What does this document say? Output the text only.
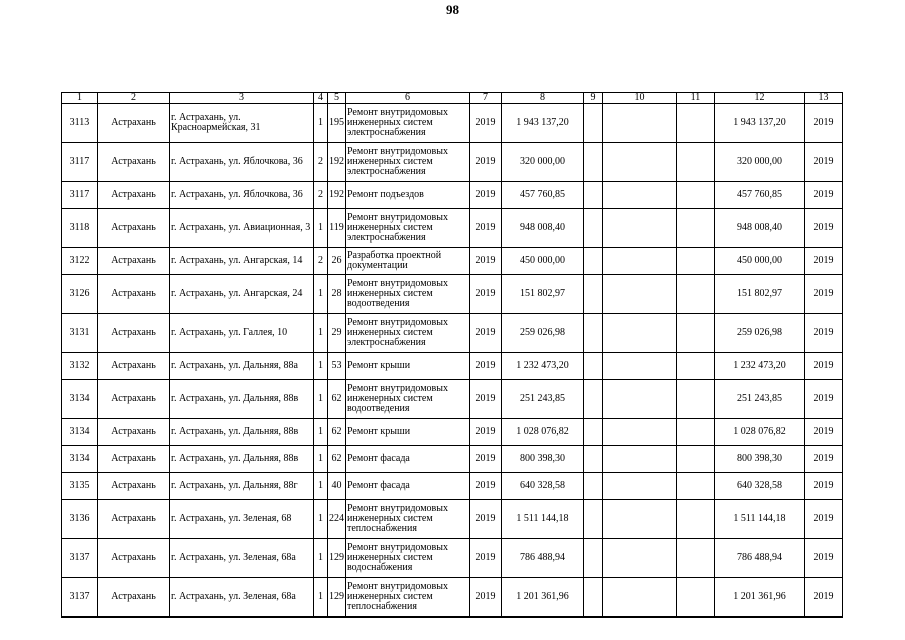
98
1	2	3	4	5	6	7	8	9	10	11	12	13
3113	Астрахань	г. Астрахань, ул. Красноармейская, 31	1	195	Ремонт внутридомовых инженерных систем электроснабжения	2019	1 943 137,20				1 943 137,20	2019
3117	Астрахань	г. Астрахань, ул. Яблочкова, 36	2	192	Ремонт внутридомовых инженерных систем электроснабжения	2019	320 000,00				320 000,00	2019
3117	Астрахань	г. Астрахань, ул. Яблочкова, 36	2	192	Ремонт подъездов	2019	457 760,85				457 760,85	2019
3118	Астрахань	г. Астрахань, ул. Авиационная, 3	1	119	Ремонт внутридомовых инженерных систем электроснабжения	2019	948 008,40				948 008,40	2019
3122	Астрахань	г. Астрахань, ул. Ангарская, 14	2	26	Разработка проектной документации	2019	450 000,00				450 000,00	2019
3126	Астрахань	г. Астрахань, ул. Ангарская, 24	1	28	Ремонт внутридомовых инженерных систем водоотведения	2019	151 802,97				151 802,97	2019
3131	Астрахань	г. Астрахань, ул. Галлея, 10	1	29	Ремонт внутридомовых инженерных систем электроснабжения	2019	259 026,98				259 026,98	2019
3132	Астрахань	г. Астрахань, ул. Дальняя, 88а	1	53	Ремонт крыши	2019	1 232 473,20				1 232 473,20	2019
3134	Астрахань	г. Астрахань, ул. Дальняя, 88в	1	62	Ремонт внутридомовых инженерных систем водоотведения	2019	251 243,85				251 243,85	2019
3134	Астрахань	г. Астрахань, ул. Дальняя, 88в	1	62	Ремонт крыши	2019	1 028 076,82				1 028 076,82	2019
3134	Астрахань	г. Астрахань, ул. Дальняя, 88в	1	62	Ремонт фасада	2019	800 398,30				800 398,30	2019
3135	Астрахань	г. Астрахань, ул. Дальняя, 88г	1	40	Ремонт фасада	2019	640 328,58				640 328,58	2019
3136	Астрахань	г. Астрахань, ул. Зеленая, 68	1	224	Ремонт внутридомовых инженерных систем теплоснабжения	2019	1 511 144,18				1 511 144,18	2019
3137	Астрахань	г. Астрахань, ул. Зеленая, 68а	1	129	Ремонт внутридомовых инженерных систем водоснабжения	2019	786 488,94				786 488,94	2019
3137	Астрахань	г. Астрахань, ул. Зеленая, 68а	1	129	Ремонт внутридомовых инженерных систем теплоснабжения	2019	1 201 361,96				1 201 361,96	2019
